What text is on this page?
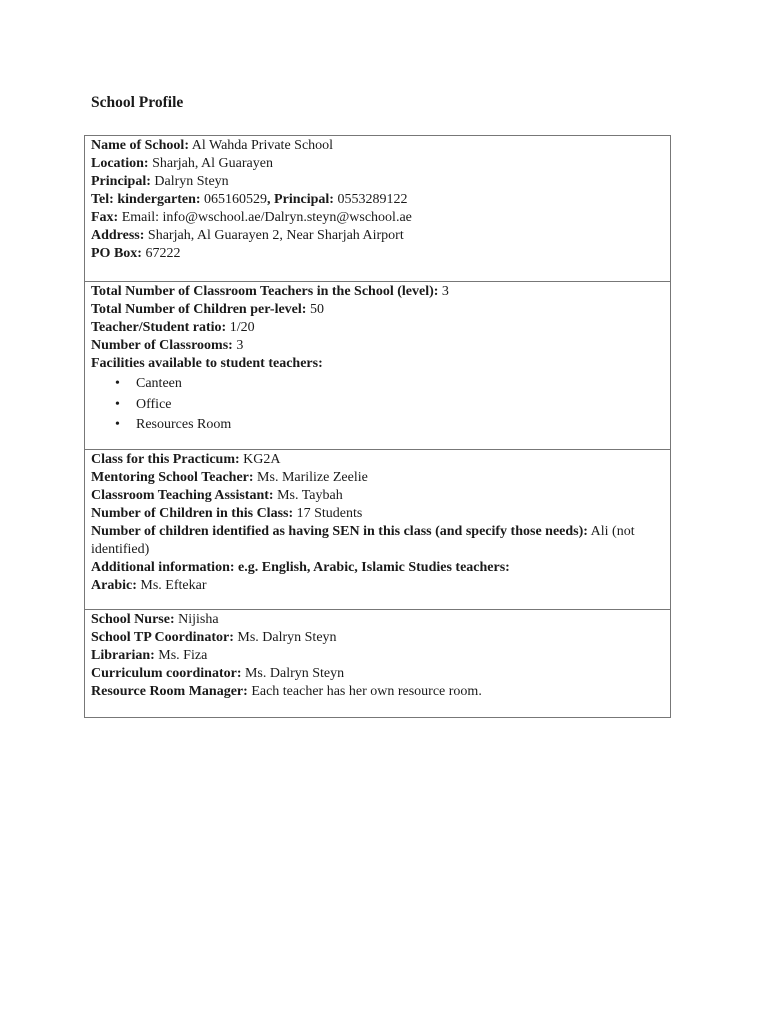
School Profile

Name of School: Al Wahda Private School

Location: Sharjah, Al Guarayen

Principal: Dalryn Steyn

Tel: kindergarten: 065160529, Principal: 0553289122

Fax: Email: info@wschool.ae/Dalryn.steyn@wschool.ae

Address: Sharjah, Al Guarayen 2, Near Sharjah Airport

PO Box: 67222

Total Number of Classroom Teachers in the School (level): 3

Total Number of Children per-level: 50

Teacher/Student ratio: 1/20

Number of Classrooms: 3

Facilities available to student teachers:

• Canteen
• Office
• Resources Room

Class for this Practicum: KG2A

Mentoring School Teacher: Ms. Marilize Zeelie

Classroom Teaching Assistant: Ms. Taybah

Number of Children in this Class: 17 Students

Number of children identified as having SEN in this class (and specify those needs): Ali (not identified)

Additional information: e.g. English, Arabic, Islamic Studies teachers:

Arabic: Ms. Eftekar

School Nurse: Nijisha

School TP Coordinator: Ms. Dalryn Steyn

Librarian: Ms. Fiza

Curriculum coordinator: Ms. Dalryn Steyn

Resource Room Manager: Each teacher has her own resource room.
